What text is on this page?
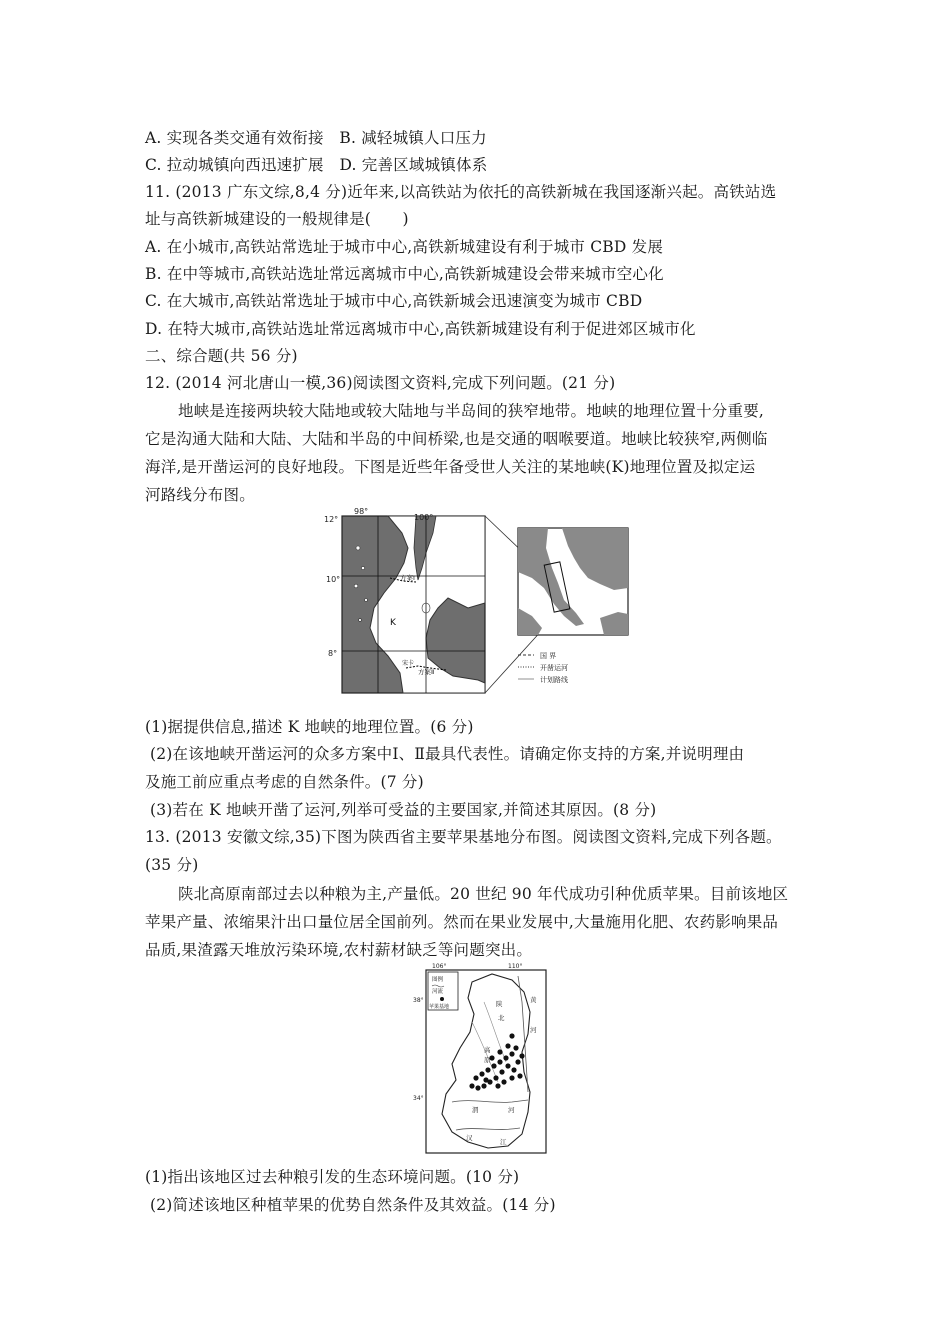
A. 实现各类交通有效衔接　B. 减轻城镇人口压力
C. 拉动城镇向西迅速扩展　D. 完善区域城镇体系
11. (2013 广东文综,8,4 分)近年来,以高铁站为依托的高铁新城在我国逐渐兴起。高铁站选
址与高铁新城建设的一般规律是(　　)
A. 在小城市,高铁站常选址于城市中心,高铁新城建设有利于城市 CBD 发展
B. 在中等城市,高铁站选址常远离城市中心,高铁新城建设会带来城市空心化
C. 在大城市,高铁站常选址于城市中心,高铁新城会迅速演变为城市 CBD
D. 在特大城市,高铁站选址常远离城市中心,高铁新城建设有利于促进郊区城市化
二、综合题(共 56 分)
12. (2014 河北唐山一模,36)阅读图文资料,完成下列问题。(21 分)
地峡是连接两块较大陆地或较大陆地与半岛间的狭窄地带。地峡的地理位置十分重要,
它是沟通大陆和大陆、大陆和半岛的中间桥梁,也是交通的咽喉要道。地峡比较狭窄,两侧临
海洋,是开凿运河的良好地段。下图是近些年备受世人关注的某地峡(K)地理位置及拟定运
河路线分布图。
98°
100°
12°
10°
8°
K
方案Ⅰ
方案Ⅱ
宋卡
国 界
开凿运河
计划路线
(1)据提供信息,描述 K 地峡的地理位置。(6 分)
(2)在该地峡开凿运河的众多方案中Ⅰ、Ⅱ最具代表性。请确定你支持的方案,并说明理由
及施工前应重点考虑的自然条件。(7 分)
(3)若在 K 地峡开凿了运河,列举可受益的主要国家,并简述其原因。(8 分)
13. (2013 安徽文综,35)下图为陕西省主要苹果基地分布图。阅读图文资料,完成下列各题。
(35 分)
陕北高原南部过去以种粮为主,产量低。20 世纪 90 年代成功引种优质苹果。目前该地区
苹果产量、浓缩果汁出口量位居全国前列。然而在果业发展中,大量施用化肥、农药影响果品
品质,果渣露天堆放污染环境,农村薪材缺乏等问题突出。
图例
河流
苹果基地
106°	110°
38°
34°
陕
北
黄
河
渭	河
汉	江
高
原
(1)指出该地区过去种粮引发的生态环境问题。(10 分)
(2)简述该地区种植苹果的优势自然条件及其效益。(14 分)
